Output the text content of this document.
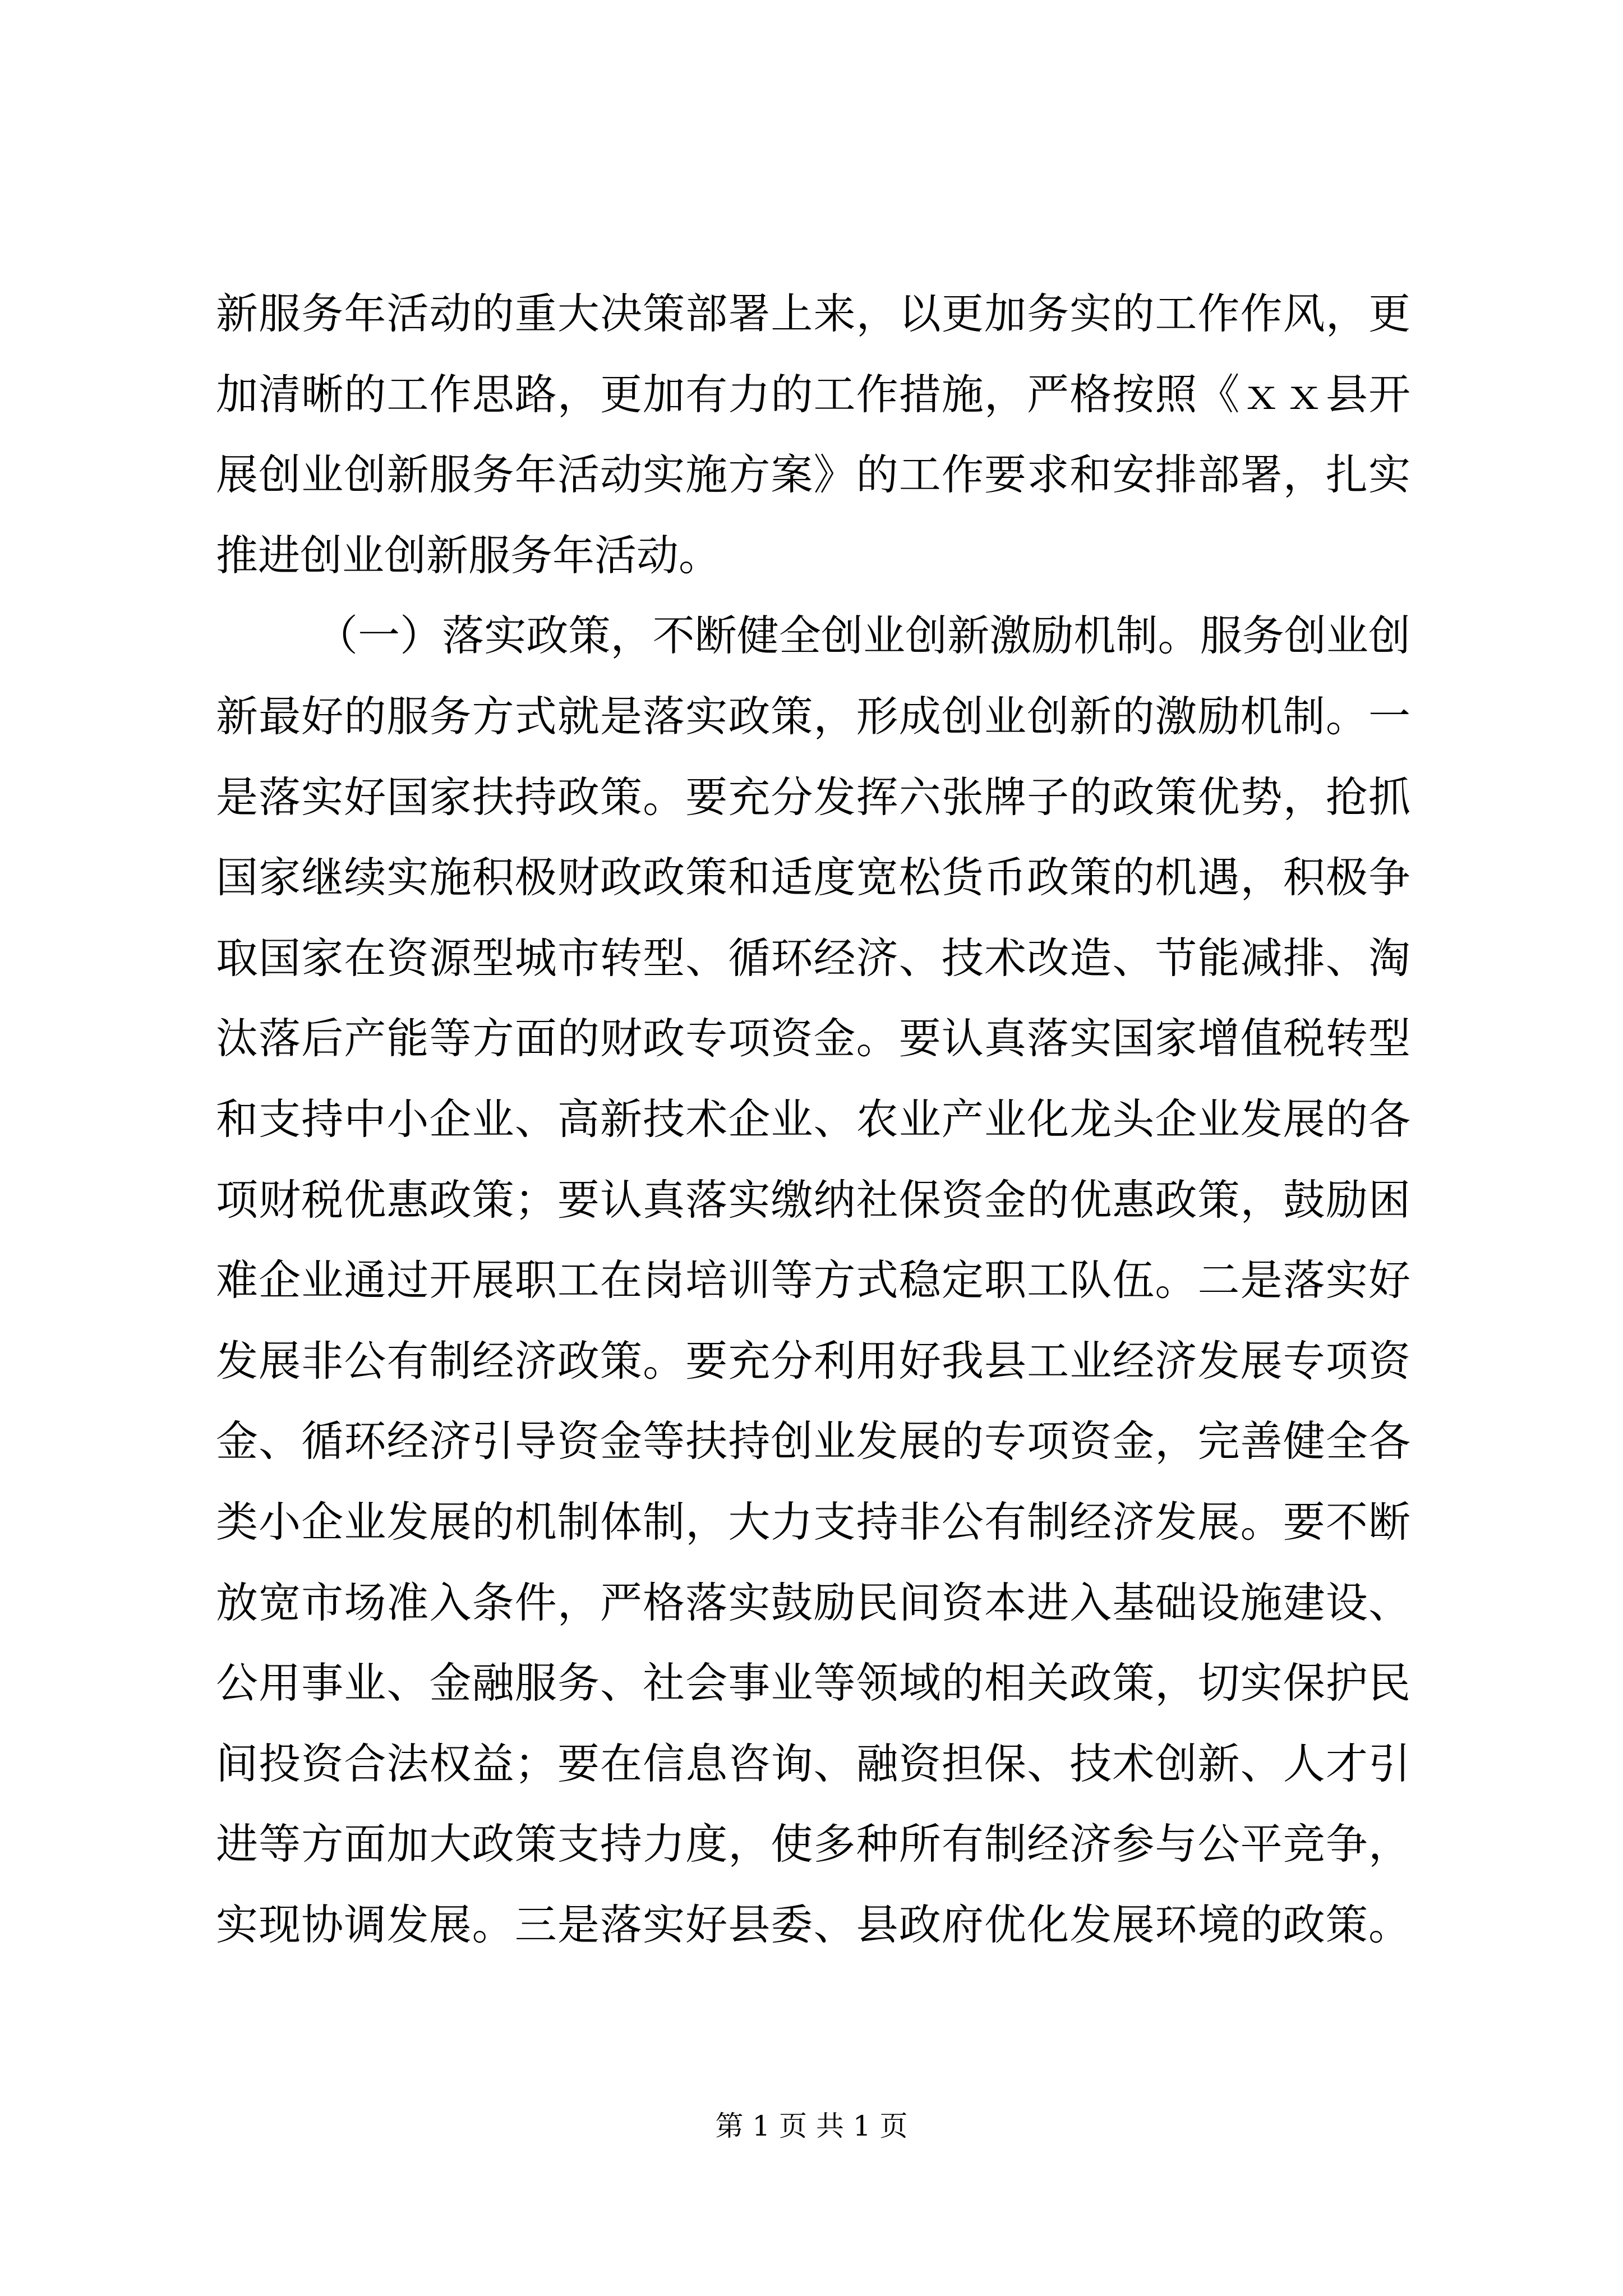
新服务年活动的重大决策部署上来，以更加务实的工作作风，更
加清晰的工作思路，更加有力的工作措施，严格按照《ｘｘ县开
展创业创新服务年活动实施方案》的工作要求和安排部署，扎实
推进创业创新服务年活动。
（一）落实政策，不断健全创业创新激励机制。服务创业创
新最好的服务方式就是落实政策，形成创业创新的激励机制。一
是落实好国家扶持政策。要充分发挥六张牌子的政策优势，抢抓
国家继续实施积极财政政策和适度宽松货币政策的机遇，积极争
取国家在资源型城市转型、循环经济、技术改造、节能减排、淘
汰落后产能等方面的财政专项资金。要认真落实国家增值税转型
和支持中小企业、高新技术企业、农业产业化龙头企业发展的各
项财税优惠政策；要认真落实缴纳社保资金的优惠政策，鼓励困
难企业通过开展职工在岗培训等方式稳定职工队伍。二是落实好
发展非公有制经济政策。要充分利用好我县工业经济发展专项资
金、循环经济引导资金等扶持创业发展的专项资金，完善健全各
类小企业发展的机制体制，大力支持非公有制经济发展。要不断
放宽市场准入条件，严格落实鼓励民间资本进入基础设施建设、
公用事业、金融服务、社会事业等领域的相关政策，切实保护民
间投资合法权益；要在信息咨询、融资担保、技术创新、人才引
进等方面加大政策支持力度，使多种所有制经济参与公平竞争，
实现协调发展。三是落实好县委、县政府优化发展环境的政策。
第 1 页 共 1 页
